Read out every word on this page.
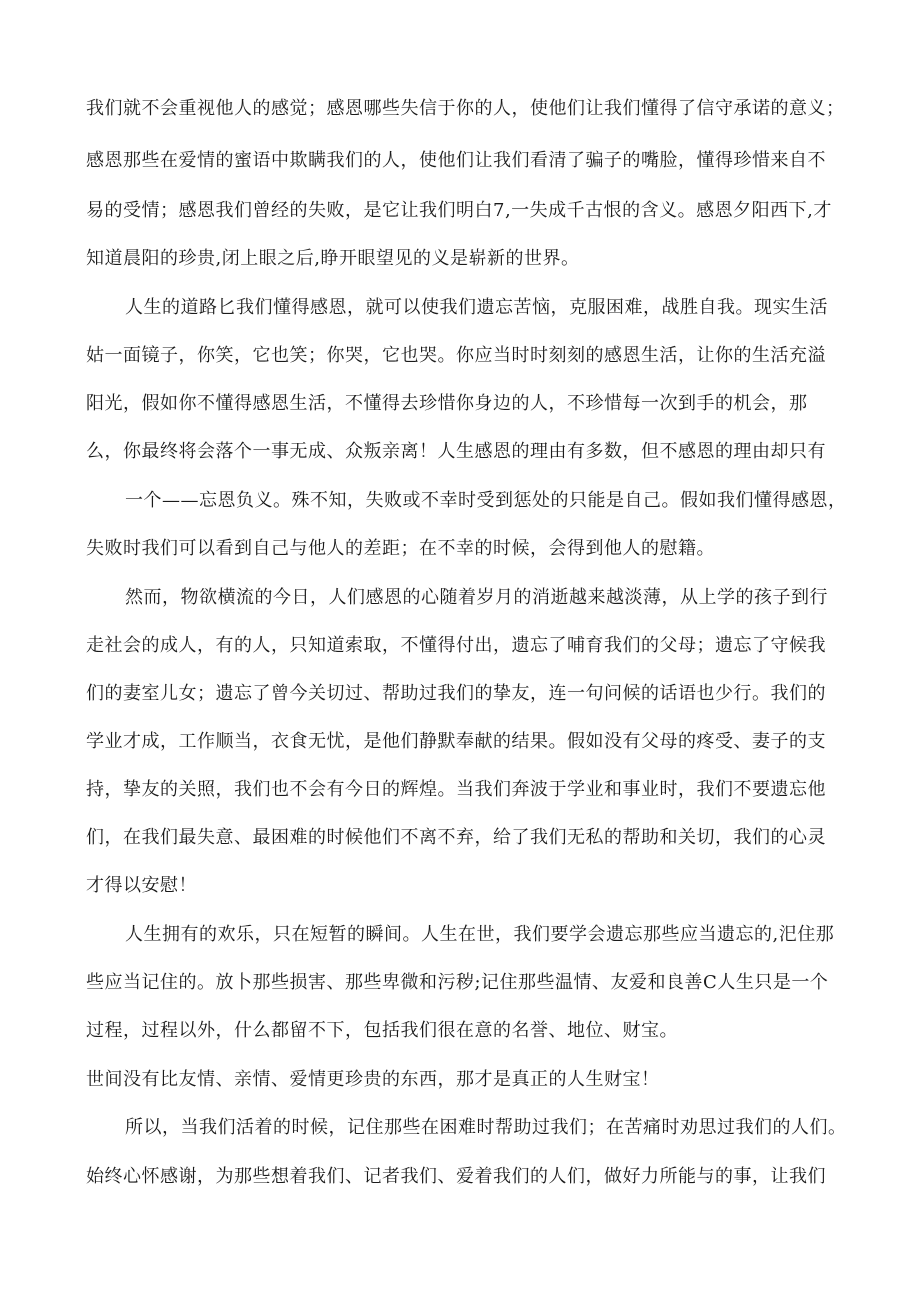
我们就不会重视他人的感觉；感恩哪些失信于你的人，使他们让我们懂得了信守承诺的意义；
感恩那些在爱情的蜜语中欺瞒我们的人，使他们让我们看清了骗子的嘴脸，懂得珍惜来自不
易的受情；感恩我们曾经的失败，是它让我们明白7,一失成千古恨的含义。感恩夕阳西下,才
知道晨阳的珍贵,闭上眼之后,睁开眼望见的义是崭新的世界。
人生的道路匕我们懂得感恩，就可以使我们遗忘苦恼，克服困难，战胜自我。现实生活
姑一面镜子，你笑，它也笑；你哭，它也哭。你应当时时刻刻的感恩生活，让你的生活充溢
阳光，假如你不懂得感恩生活，不懂得去珍惜你身边的人，不珍惜每一次到手的机会，那
么，你最终将会落个一事无成、众叛亲离！人生感恩的理由有多数，但不感恩的理由却只有
一个——忘恩负义。殊不知，失败或不幸时受到惩处的只能是自己。假如我们懂得感恩，
失败时我们可以看到自己与他人的差距；在不幸的时候，会得到他人的慰籍。
然而，物欲横流的今日，人们感恩的心随着岁月的消逝越来越淡薄，从上学的孩子到行
走社会的成人，有的人，只知道索取，不懂得付出，遗忘了哺育我们的父母；遗忘了守候我
们的妻室儿女；遗忘了曾今关切过、帮助过我们的挚友，连一句问候的话语也少行。我们的
学业才成，工作顺当，衣食无忧，是他们静默奉献的结果。假如没有父母的疼受、妻子的支
持，挚友的关照，我们也不会有今日的辉煌。当我们奔波于学业和事业时，我们不要遗忘他
们，在我们最失意、最困难的时候他们不离不弃，给了我们无私的帮助和关切，我们的心灵
才得以安慰！
人生拥有的欢乐，只在短暂的瞬间。人生在世，我们要学会遗忘那些应当遗忘的,汜住那
些应当记住的。放卜那些损害、那些卑微和污秽;记住那些温情、友爱和良善C人生只是一个
过程，过程以外，什么都留不下，包括我们很在意的名誉、地位、财宝。
世间没有比友情、亲情、爱情更珍贵的东西，那才是真正的人生财宝！
所以，当我们活着的时候，记住那些在困难时帮助过我们；在苦痛时劝思过我们的人们。
始终心怀感谢，为那些想着我们、记者我们、爱着我们的人们，做好力所能与的事，让我们
